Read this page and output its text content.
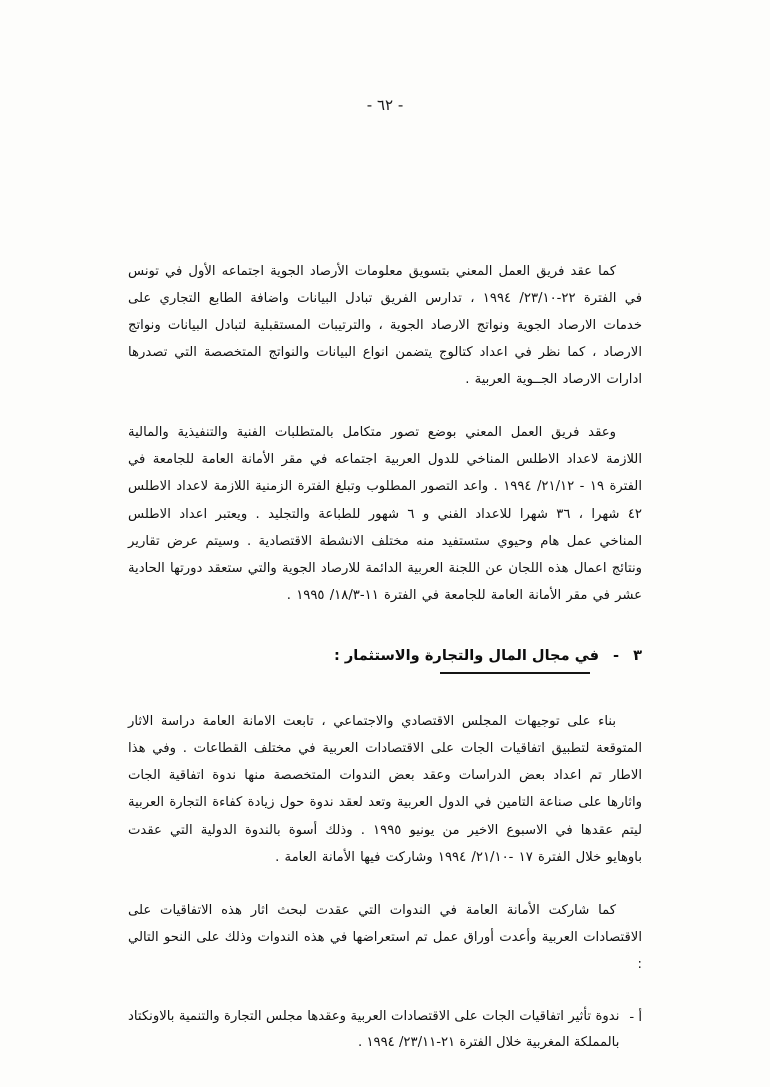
- ٦٢ -

كما عقد فريق العمل المعني بتسويق معلومات الأرصاد الجوية اجتماعه الأول في تونس في الفترة ٢٢-٢٣/١٠/ ١٩٩٤ ، تدارس الفريق تبادل البيانات واضافة الطابع التجاري على خدمات الارصاد الجوية ونواتج الارصاد الجوية ، والترتيبات المستقبلية لتبادل البيانات ونواتج الارصاد ، كما نظر في اعداد كتالوج يتضمن انواع البيانات والنواتج المتخصصة التي تصدرها ادارات الارصاد الجــوية العربية .

وعقد فريق العمل المعني بوضع تصور متكامل بالمتطلبات الفنية والتنفيذية والمالية اللازمة لاعداد الاطلس المناخي للدول العربية اجتماعه في مقر الأمانة العامة للجامعة في الفترة ١٩ - ٢١/١٢/ ١٩٩٤ . واعد التصور المطلوب وتبلغ الفترة الزمنية اللازمة لاعداد الاطلس ٤٢ شهرا ، ٣٦ شهرا للاعداد الفني و ٦ شهور للطباعة والتجليد . ويعتبر اعداد الاطلس المناخي عمل هام وحيوي ستستفيد منه مختلف الانشطة الاقتصادية . وسيتم عرض تقارير ونتائج اعمال هذه اللجان عن اللجنة العربية الدائمة للارصاد الجوية والتي ستعقد دورتها الحادية عشر في مقر الأمانة العامة للجامعة في الفترة ١١-١٨/٣/ ١٩٩٥ .

٣
-
في مجال المال والتجارة والاستثمار :

بناء على توجيهات المجلس الاقتصادي والاجتماعي ، تابعت الامانة العامة دراسة الاثار المتوقعة لتطبيق اتفاقيات الجات على الاقتصادات العربية في مختلف القطاعات . وفي هذا الاطار تم اعداد بعض الدراسات وعقد بعض الندوات المتخصصة منها ندوة اتفاقية الجات واثارها على صناعة التامين في الدول العربية وتعد لعقد ندوة حول زيادة كفاءة التجارة العربية ليتم عقدها في الاسبوع الاخير من يونيو ١٩٩٥ . وذلك أسوة بالندوة الدولية التي عقدت باوهايو خلال الفترة ١٧ -٢١/١٠/ ١٩٩٤ وشاركت فيها الأمانة العامة .

كما شاركت الأمانة العامة في الندوات التي عقدت لبحث اثار هذه الاتفاقيات على الاقتصادات العربية وأعدت أوراق عمل تم استعراضها في هذه الندوات وذلك على النحو التالي :

أ -
ندوة تأثير اتفاقيات الجات على الاقتصادات العربية وعقدها مجلس التجارة والتنمية بالاونكتاد بالمملكة المغربية خلال الفترة ٢١-٢٣/١١/ ١٩٩٤ .
